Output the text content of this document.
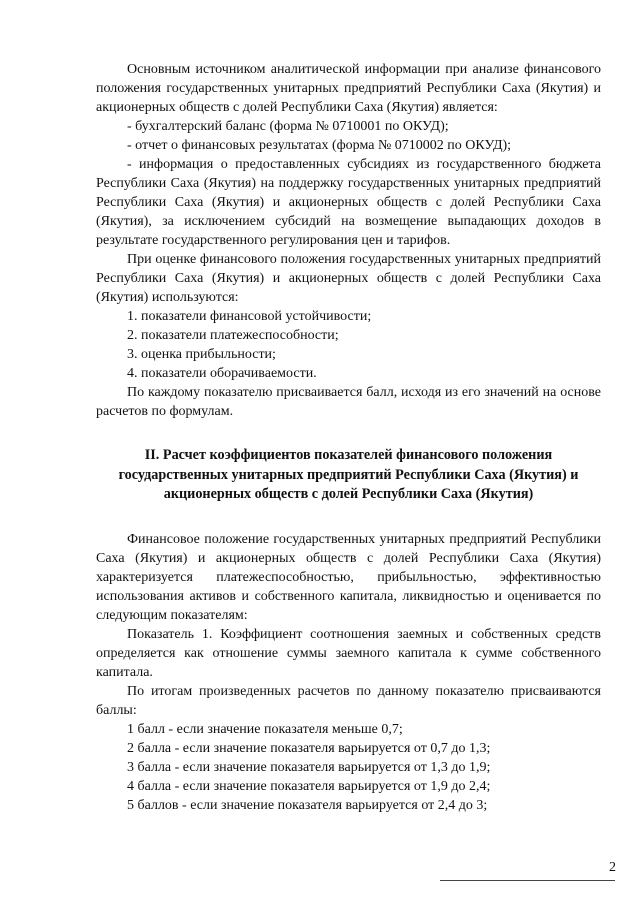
Основным источником аналитической информации при анализе финансового положения государственных унитарных предприятий Республики Саха (Якутия) и акционерных обществ с долей Республики Саха (Якутия) является:

- бухгалтерский баланс (форма № 0710001 по ОКУД);

- отчет о финансовых результатах (форма № 0710002 по ОКУД);

- информация о предоставленных субсидиях из государственного бюджета Республики Саха (Якутия) на поддержку государственных унитарных предприятий Республики Саха (Якутия) и акционерных обществ с долей Республики Саха (Якутия), за исключением субсидий на возмещение выпадающих доходов в результате государственного регулирования цен и тарифов.

При оценке финансового положения государственных унитарных предприятий Республики Саха (Якутия) и акционерных обществ с долей Республики Саха (Якутия) используются:

1. показатели финансовой устойчивости;

2. показатели платежеспособности;

3. оценка прибыльности;

4. показатели оборачиваемости.

По каждому показателю присваивается балл, исходя из его значений на основе расчетов по формулам.

II. Расчет коэффициентов показателей финансового положения государственных унитарных предприятий Республики Саха (Якутия) и акционерных обществ с долей Республики Саха (Якутия)

Финансовое положение государственных унитарных предприятий Республики Саха (Якутия) и акционерных обществ с долей Республики Саха (Якутия) характеризуется платежеспособностью, прибыльностью, эффективностью использования активов и собственного капитала, ликвидностью и оценивается по следующим показателям:

Показатель 1. Коэффициент соотношения заемных и собственных средств определяется как отношение суммы заемного капитала к сумме собственного капитала.

По итогам произведенных расчетов по данному показателю присваиваются баллы:

1 балл - если значение показателя меньше 0,7;

2 балла - если значение показателя варьируется от 0,7 до 1,3;

3 балла - если значение показателя варьируется от 1,3 до 1,9;

4 балла - если значение показателя варьируется от 1,9 до 2,4;

5 баллов - если значение показателя варьируется от 2,4 до 3;

2
